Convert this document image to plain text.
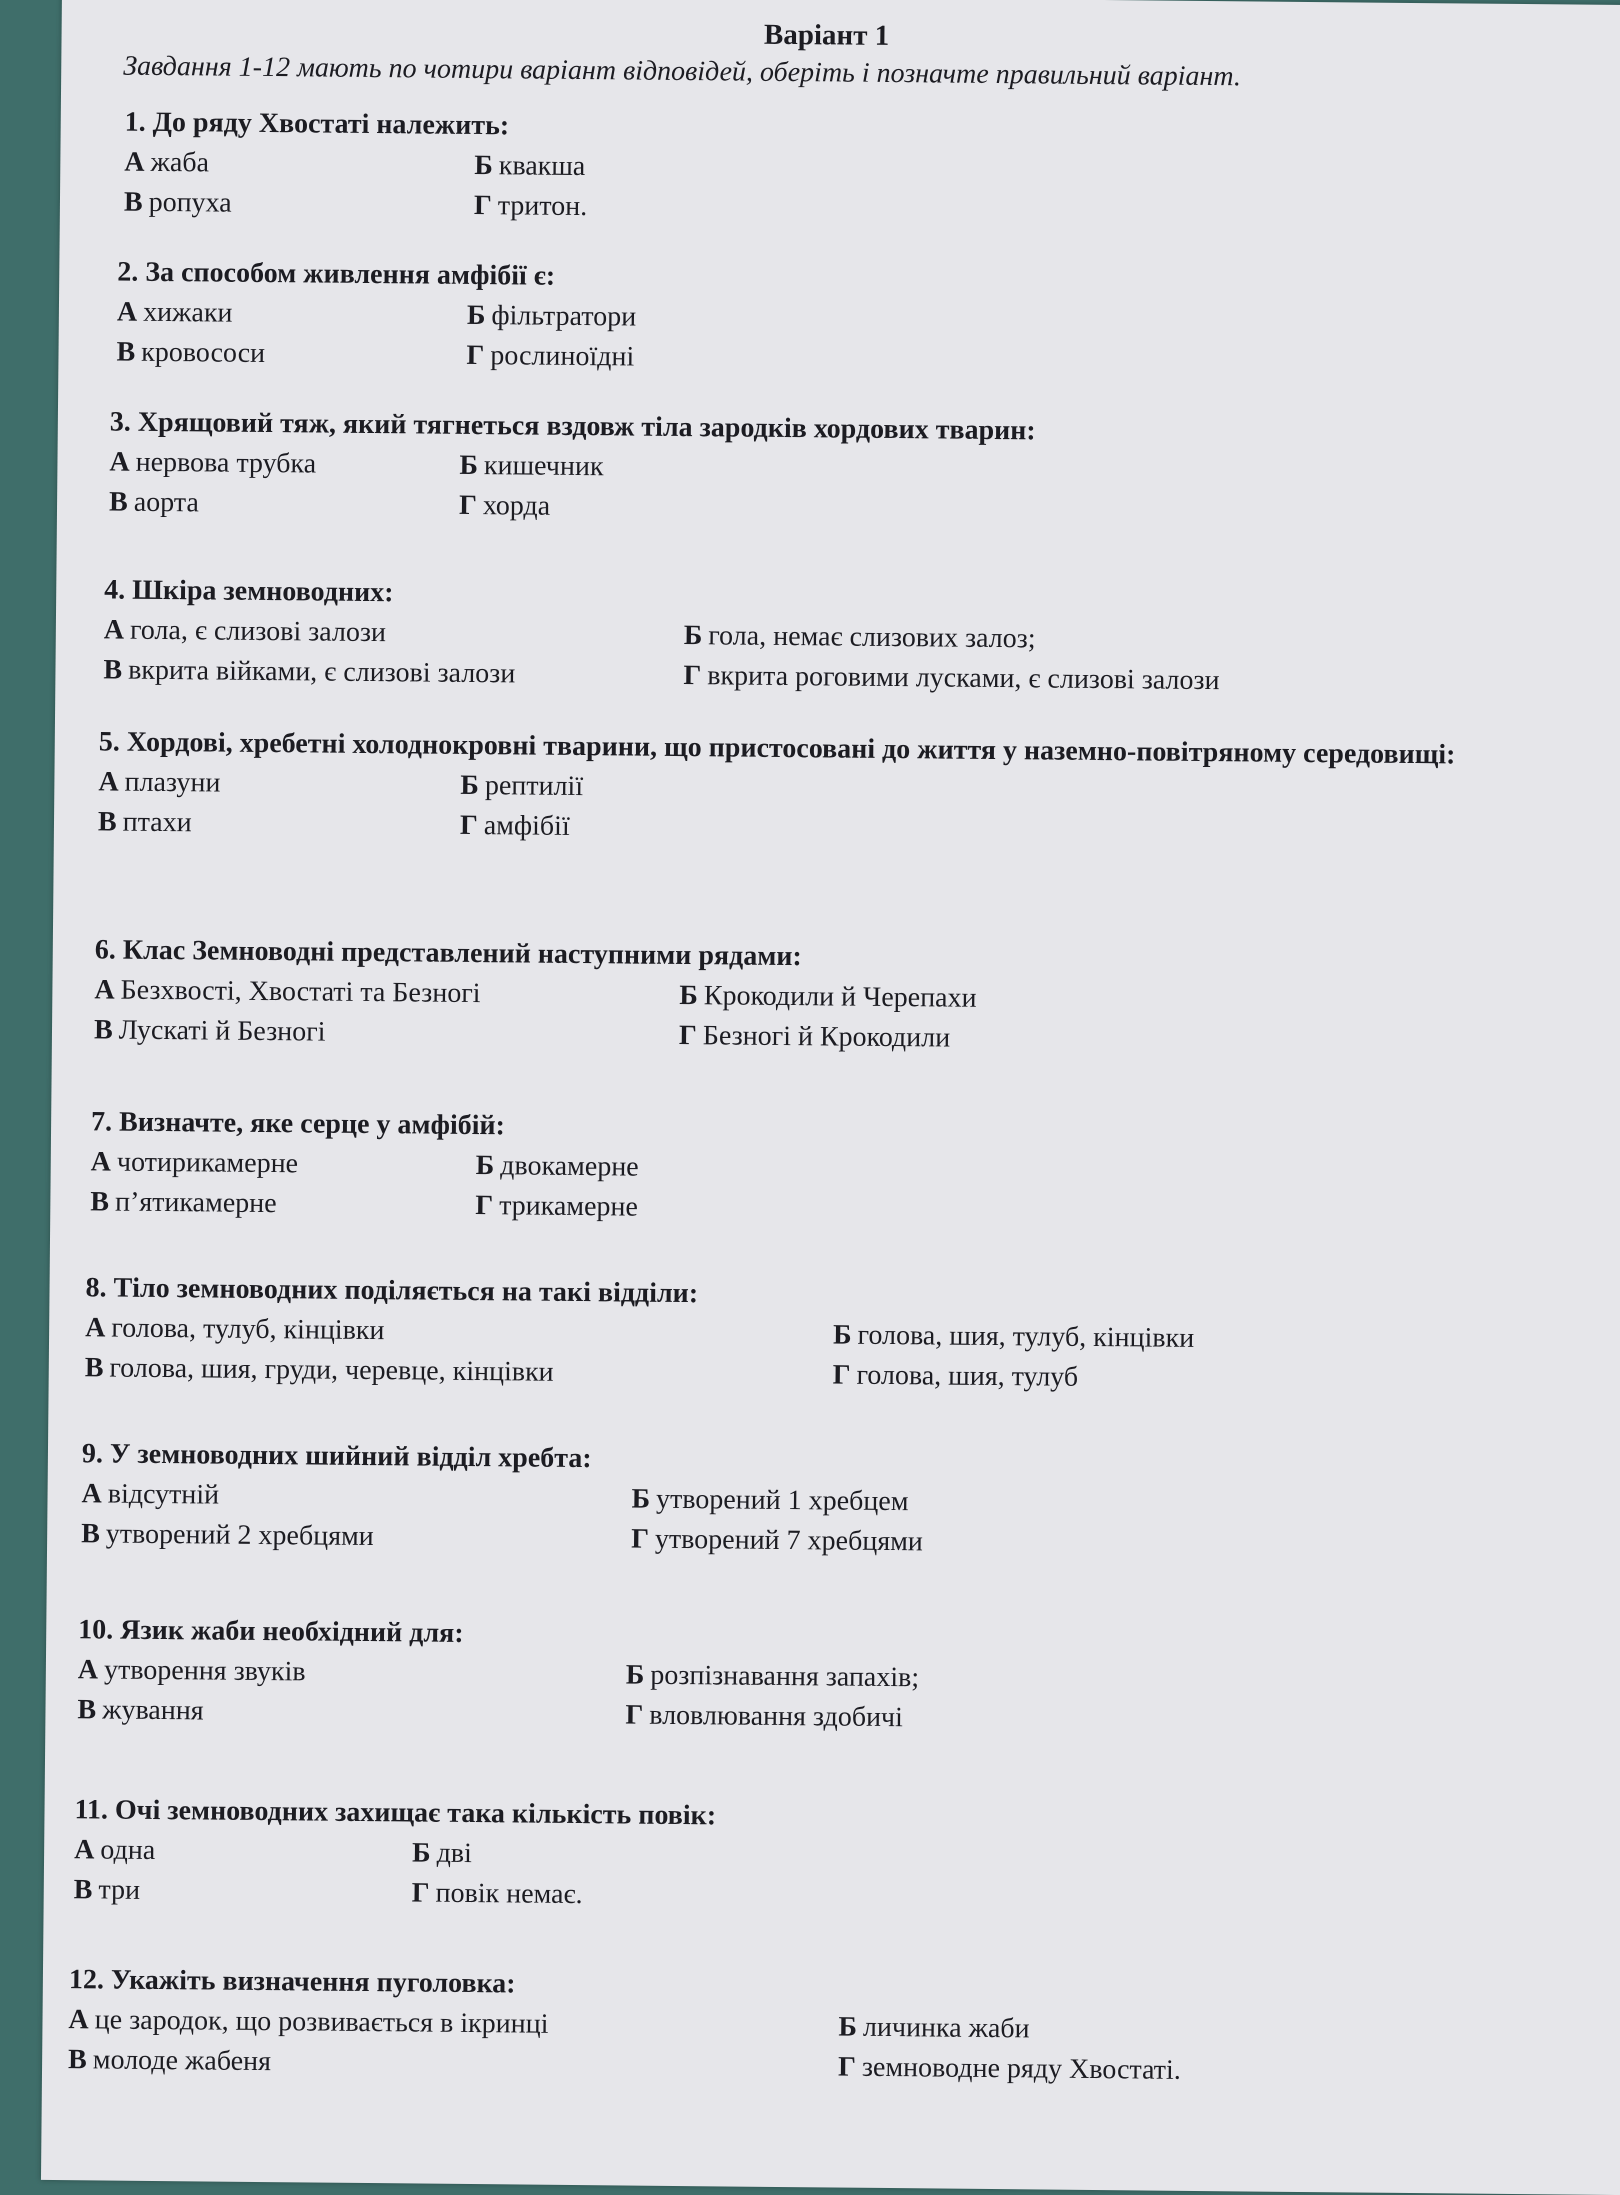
Варіант 1
Завдання 1-12 мають по чотири варіант відповідей, оберіть і позначте правильний варіант.
1. До ряду Хвостаті належить:
А жаба	Б квакша
В ропуха	Г тритон.
2. За способом живлення амфібії є:
А хижаки	Б фільтратори
В кровососи	Г рослиноїдні
3. Хрящовий тяж, який тягнеться вздовж тіла зародків хордових тварин:
А нервова трубка	Б кишечник
В аорта	Г хорда
4. Шкіра земноводних:
А гола, є слизові залози	Б гола, немає слизових залоз;
В вкрита війками, є слизові залози	Г вкрита роговими лусками, є слизові залози
5. Хордові, хребетні холоднокровні тварини, що пристосовані до життя у наземно-повітряному середовищі:
А плазуни	Б рептилії
В птахи	Г амфібії
6. Клас Земноводні представлений наступними рядами:
А Безхвості, Хвостаті та Безногі	Б Крокодили й Черепахи
В Лускаті й Безногі	Г Безногі й Крокодили
7. Визначте, яке серце у амфібій:
А чотирикамерне	Б двокамерне
В п’ятикамерне	Г трикамерне
8. Тіло земноводних поділяється на такі відділи:
А голова, тулуб, кінцівки	Б голова, шия, тулуб, кінцівки
В голова, шия, груди, черевце, кінцівки	Г голова, шия, тулуб
9. У земноводних шийний відділ хребта:
А відсутній	Б утворений 1 хребцем
В утворений 2 хребцями	Г утворений 7 хребцями
10. Язик жаби необхідний для:
А утворення звуків	Б розпізнавання запахів;
В жування	Г вловлювання здобичі
11. Очі земноводних захищає така кількість повік:
А одна	Б дві
В три	Г повік немає.
12. Укажіть визначення пуголовка:
А це зародок, що розвивається в ікринці	Б личинка жаби
В молоде жабеня	Г земноводне ряду Хвостаті.
